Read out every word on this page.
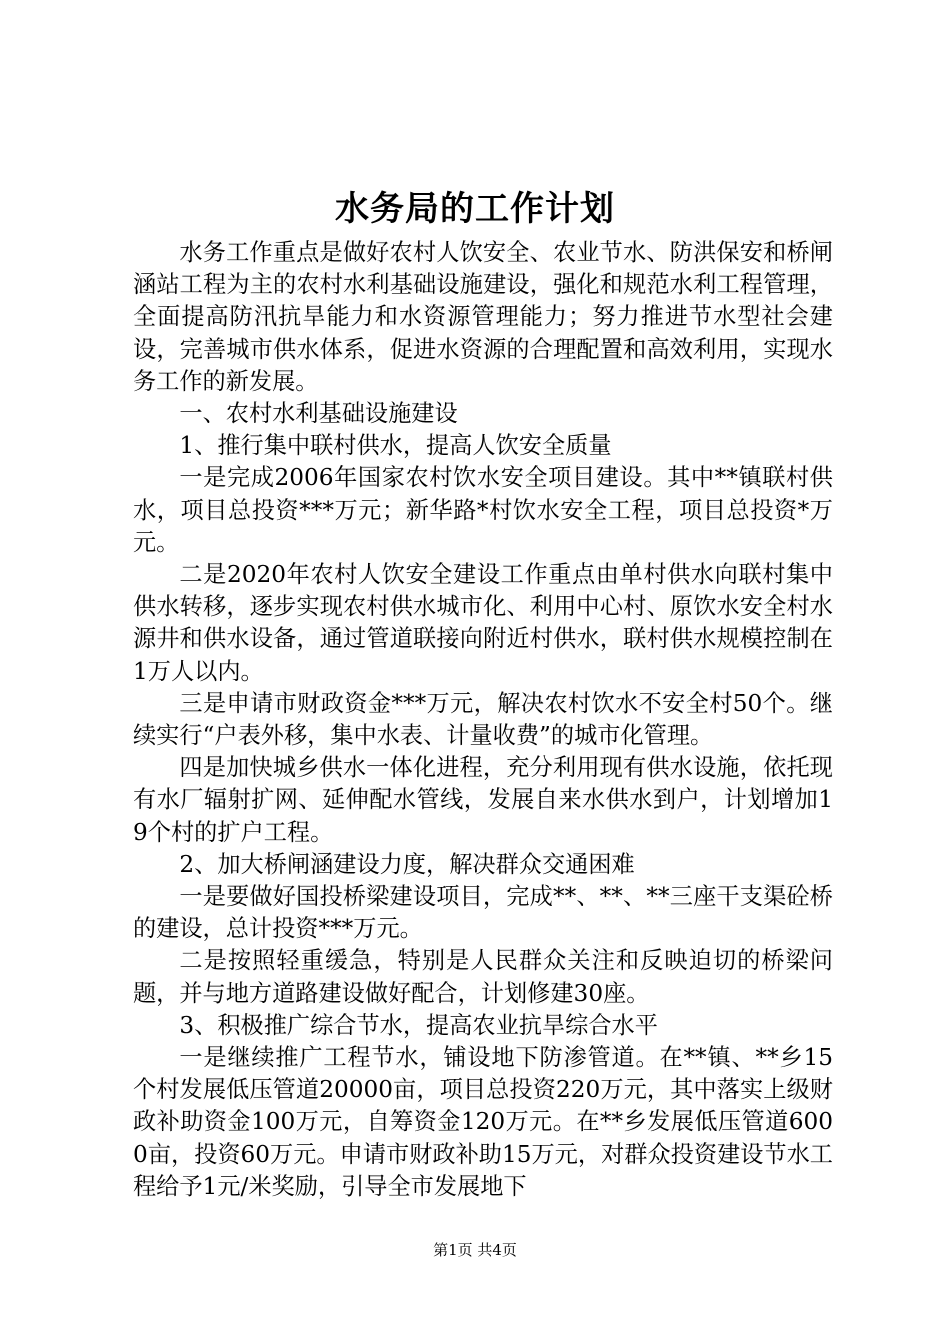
水务局的工作计划

水务工作重点是做好农村人饮安全、农业节水、防洪保安和桥闸涵站工程为主的农村水利基础设施建设，强化和规范水利工程管理，全面提高防汛抗旱能力和水资源管理能力；努力推进节水型社会建设，完善城市供水体系，促进水资源的合理配置和高效利用，实现水务工作的新发展。

一、农村水利基础设施建设

1、推行集中联村供水，提高人饮安全质量

一是完成2006年国家农村饮水安全项目建设。其中**镇联村供水，项目总投资***万元；新华路*村饮水安全工程，项目总投资*万元。

二是2020年农村人饮安全建设工作重点由单村供水向联村集中供水转移，逐步实现农村供水城市化、利用中心村、原饮水安全村水源井和供水设备，通过管道联接向附近村供水，联村供水规模控制在1万人以内。

三是申请市财政资金***万元，解决农村饮水不安全村50个。继续实行“户表外移，集中水表、计量收费”的城市化管理。

四是加快城乡供水一体化进程，充分利用现有供水设施，依托现有水厂辐射扩网、延伸配水管线，发展自来水供水到户，计划增加19个村的扩户工程。

2、加大桥闸涵建设力度，解决群众交通困难

一是要做好国投桥梁建设项目，完成**、**、**三座干支渠砼桥的建设，总计投资***万元。

二是按照轻重缓急，特别是人民群众关注和反映迫切的桥梁问题，并与地方道路建设做好配合，计划修建30座。

3、积极推广综合节水，提高农业抗旱综合水平

一是继续推广工程节水，铺设地下防渗管道。在**镇、**乡15个村发展低压管道20000亩，项目总投资220万元，其中落实上级财政补助资金100万元，自筹资金120万元。在**乡发展低压管道6000亩，投资60万元。申请市财政补助15万元，对群众投资建设节水工程给予1元/米奖励，引导全市发展地下

第1页 共4页
